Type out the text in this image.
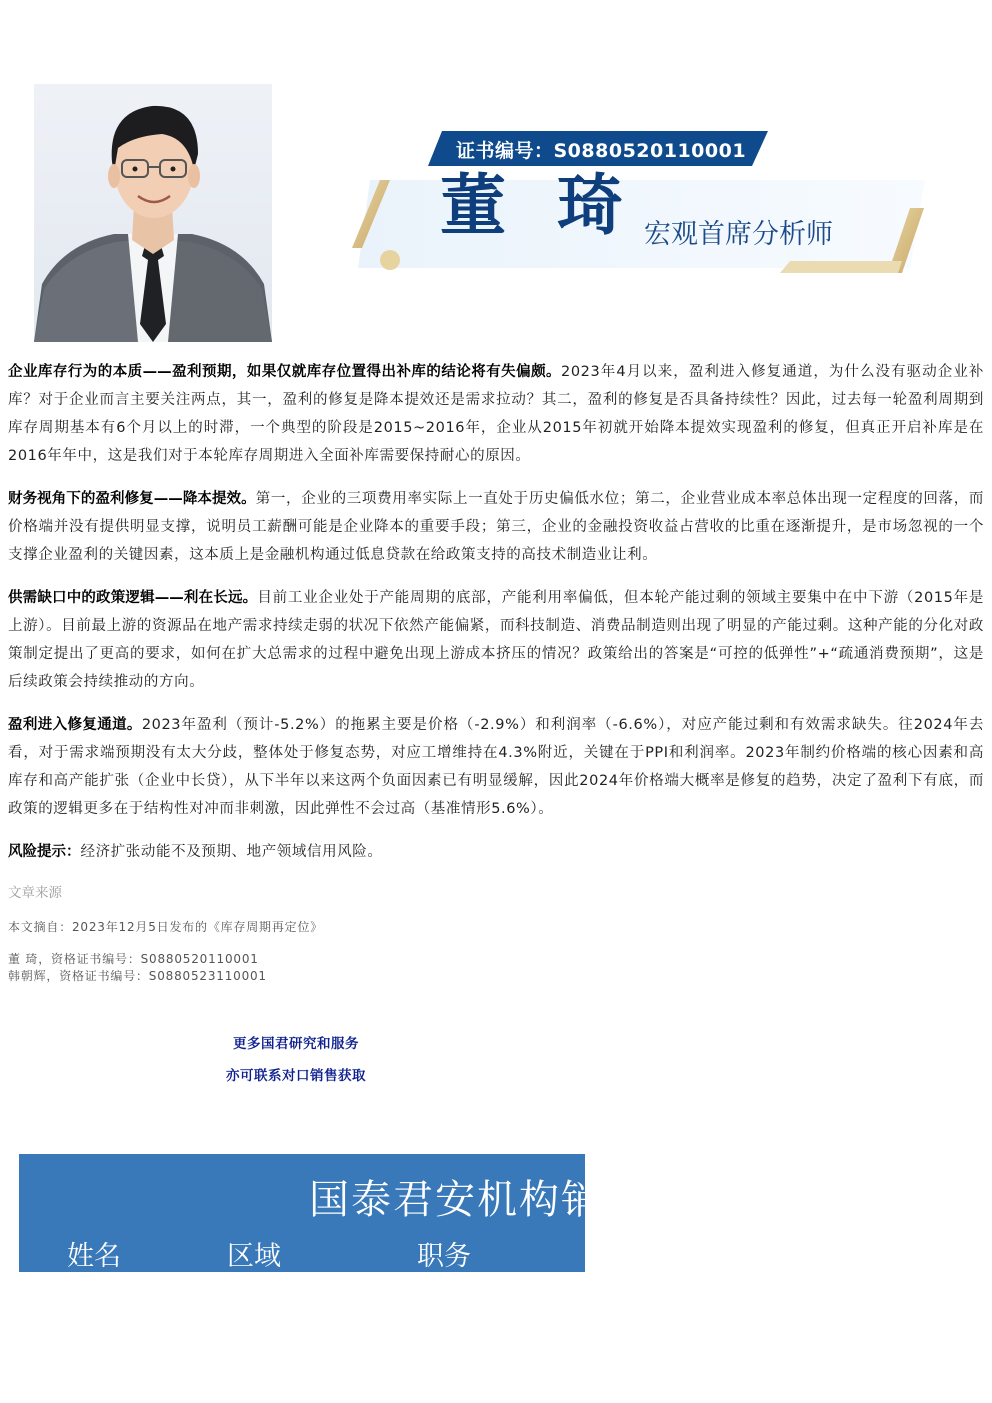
证书编号：S0880520110001
董 琦 宏观首席分析师

企业库存行为的本质——盈利预期，如果仅就库存位置得出补库的结论将有失偏颇。2023年4月以来，盈利进入修复通道，为什么没有驱动企业补库？对于企业而言主要关注两点，其一，盈利的修复是降本提效还是需求拉动？其二，盈利的修复是否具备持续性？因此，过去每一轮盈利周期到库存周期基本有6个月以上的时滞，一个典型的阶段是2015~2016年，企业从2015年初就开始降本提效实现盈利的修复，但真正开启补库是在2016年年中，这是我们对于本轮库存周期进入全面补库需要保持耐心的原因。

财务视角下的盈利修复——降本提效。第一，企业的三项费用率实际上一直处于历史偏低水位；第二，企业营业成本率总体出现一定程度的回落，而价格端并没有提供明显支撑，说明员工薪酬可能是企业降本的重要手段；第三，企业的金融投资收益占营收的比重在逐渐提升，是市场忽视的一个支撑企业盈利的关键因素，这本质上是金融机构通过低息贷款在给政策支持的高技术制造业让利。

供需缺口中的政策逻辑——利在长远。目前工业企业处于产能周期的底部，产能利用率偏低，但本轮产能过剩的领域主要集中在中下游（2015年是上游）。目前最上游的资源品在地产需求持续走弱的状况下依然产能偏紧，而科技制造、消费品制造则出现了明显的产能过剩。这种产能的分化对政策制定提出了更高的要求，如何在扩大总需求的过程中避免出现上游成本挤压的情况？政策给出的答案是“可控的低弹性”+“疏通消费预期”，这是后续政策会持续推动的方向。

盈利进入修复通道。2023年盈利（预计-5.2%）的拖累主要是价格（-2.9%）和利润率（-6.6%），对应产能过剩和有效需求缺失。往2024年去看，对于需求端预期没有太大分歧，整体处于修复态势，对应工增维持在4.3%附近，关键在于PPI和利润率。2023年制约价格端的核心因素和高库存和高产能扩张（企业中长贷），从下半年以来这两个负面因素已有明显缓解，因此2024年价格端大概率是修复的趋势，决定了盈利下有底，而政策的逻辑更多在于结构性对冲而非刺激，因此弹性不会过高（基准情形5.6%）。

风险提示：经济扩张动能不及预期、地产领域信用风险。

文章来源
本文摘自：2023年12月5日发布的《库存周期再定位》
董 琦，资格证书编号：S0880520110001
韩朝辉，资格证书编号：S0880523110001
更多国君研究和服务
亦可联系对口销售获取
国泰君安机构销售
姓名	区域	职务
